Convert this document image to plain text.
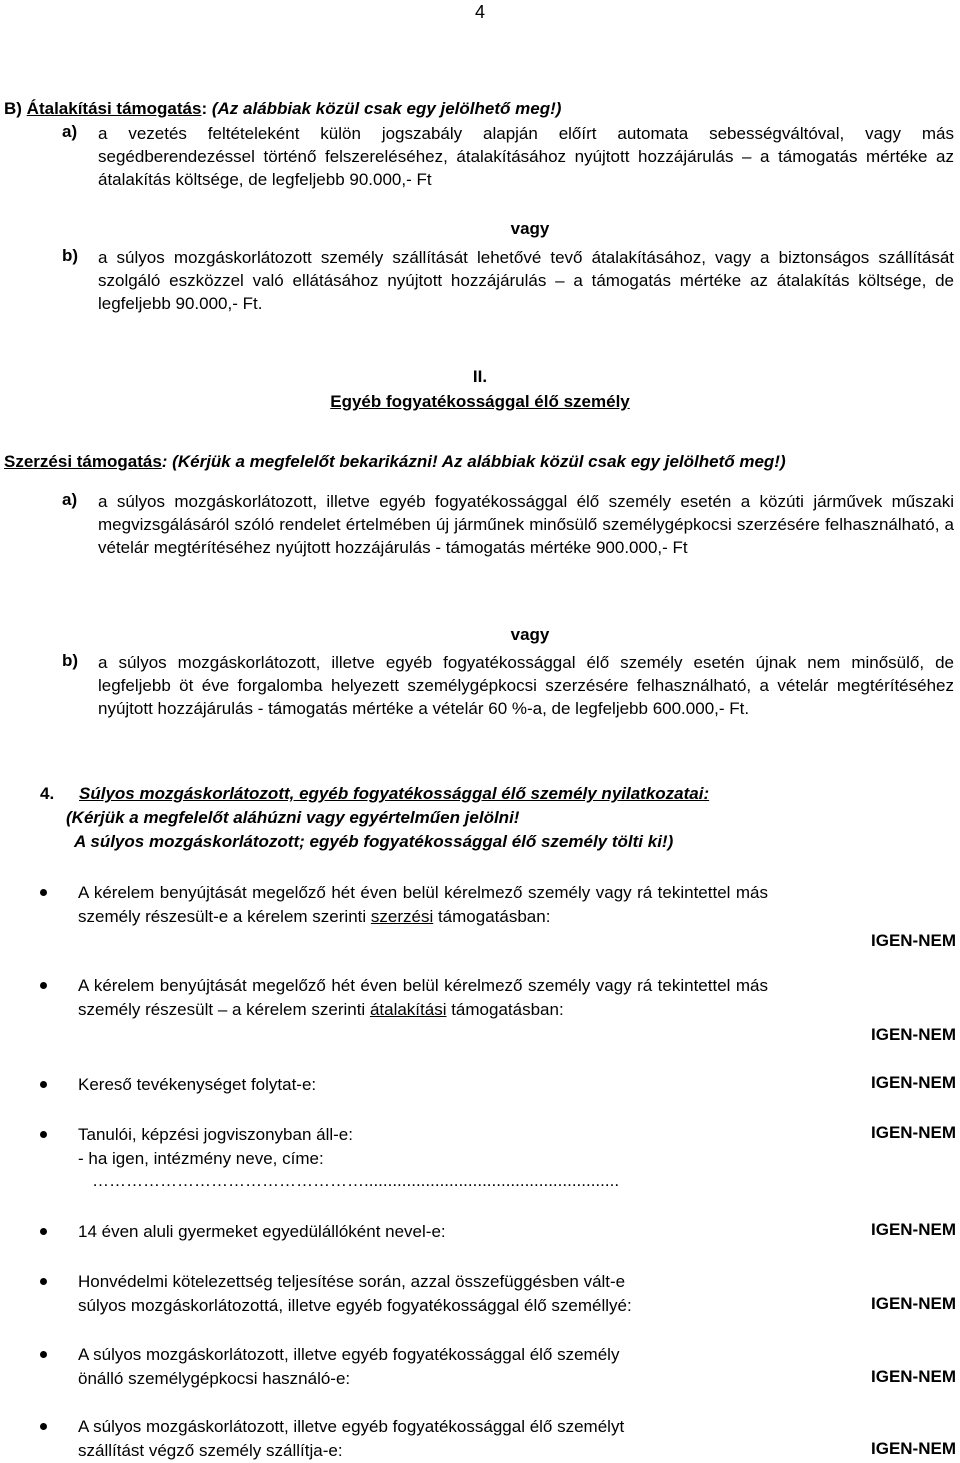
4
B) Átalakítási támogatás: (Az alábbiak közül csak egy jelölhető meg!)
a) a vezetés feltételeként külön jogszabály alapján előírt automata sebességváltóval, vagy más segédberendezéssel történő felszereléséhez, átalakításához nyújtott hozzájárulás – a támogatás mértéke az átalakítás költsége, de legfeljebb 90.000,- Ft
vagy
b) a súlyos mozgáskorlátozott személy szállítását lehetővé tevő átalakításához, vagy a biztonságos szállítását szolgáló eszközzel való ellátásához nyújtott hozzájárulás – a támogatás mértéke az átalakítás költsége, de legfeljebb 90.000,- Ft.
II.
Egyéb fogyatékossággal élő személy
Szerzési támogatás: (Kérjük a megfelelőt bekarikázni! Az alábbiak közül csak egy jelölhető meg!)
a) a súlyos mozgáskorlátozott, illetve egyéb fogyatékossággal élő személy esetén a közúti járművek műszaki megvizsgálásáról szóló rendelet értelmében új járműnek minősülő személygépkocsi szerzésére felhasználható, a vételár megtérítéséhez nyújtott hozzájárulás - támogatás mértéke 900.000,- Ft
vagy
b) a súlyos mozgáskorlátozott, illetve egyéb fogyatékossággal élő személy esetén újnak nem minősülő, de legfeljebb öt éve forgalomba helyezett személygépkocsi szerzésére felhasználható, a vételár megtérítéséhez nyújtott hozzájárulás - támogatás mértéke a vételár 60 %-a, de legfeljebb 600.000,- Ft.
4. Súlyos mozgáskorlátozott, egyéb fogyatékossággal élő személy nyilatkozatai:
(Kérjük a megfelelőt aláhúzni vagy egyértelműen jelölni!
A súlyos mozgáskorlátozott; egyéb fogyatékossággal élő személy tölti ki!)
A kérelem benyújtását megelőző hét éven belül kérelmező személy vagy rá tekintettel más személy részesült-e a kérelem szerinti szerzési támogatásban:
IGEN-NEM
A kérelem benyújtását megelőző hét éven belül kérelmező személy vagy rá tekintettel más személy részesült – a kérelem szerinti átalakítási támogatásban:
IGEN-NEM
Kereső tevékenységet folytat-e:	IGEN-NEM
Tanulói, képzési jogviszonyban áll-e:	IGEN-NEM
- ha igen, intézmény neve, címe:
…………………………………………......................................................
14 éven aluli gyermeket egyedülállóként nevel-e:	IGEN-NEM
Honvédelmi kötelezettség teljesítése során, azzal összefüggésben vált-e
súlyos mozgáskorlátozottá, illetve egyéb fogyatékossággal élő személlyé:	IGEN-NEM
A súlyos mozgáskorlátozott, illetve egyéb fogyatékossággal élő személy
önálló személygépkocsi használó-e:	IGEN-NEM
A súlyos mozgáskorlátozott, illetve egyéb fogyatékossággal élő személyt
szállítást végző személy szállítja-e:	IGEN-NEM
